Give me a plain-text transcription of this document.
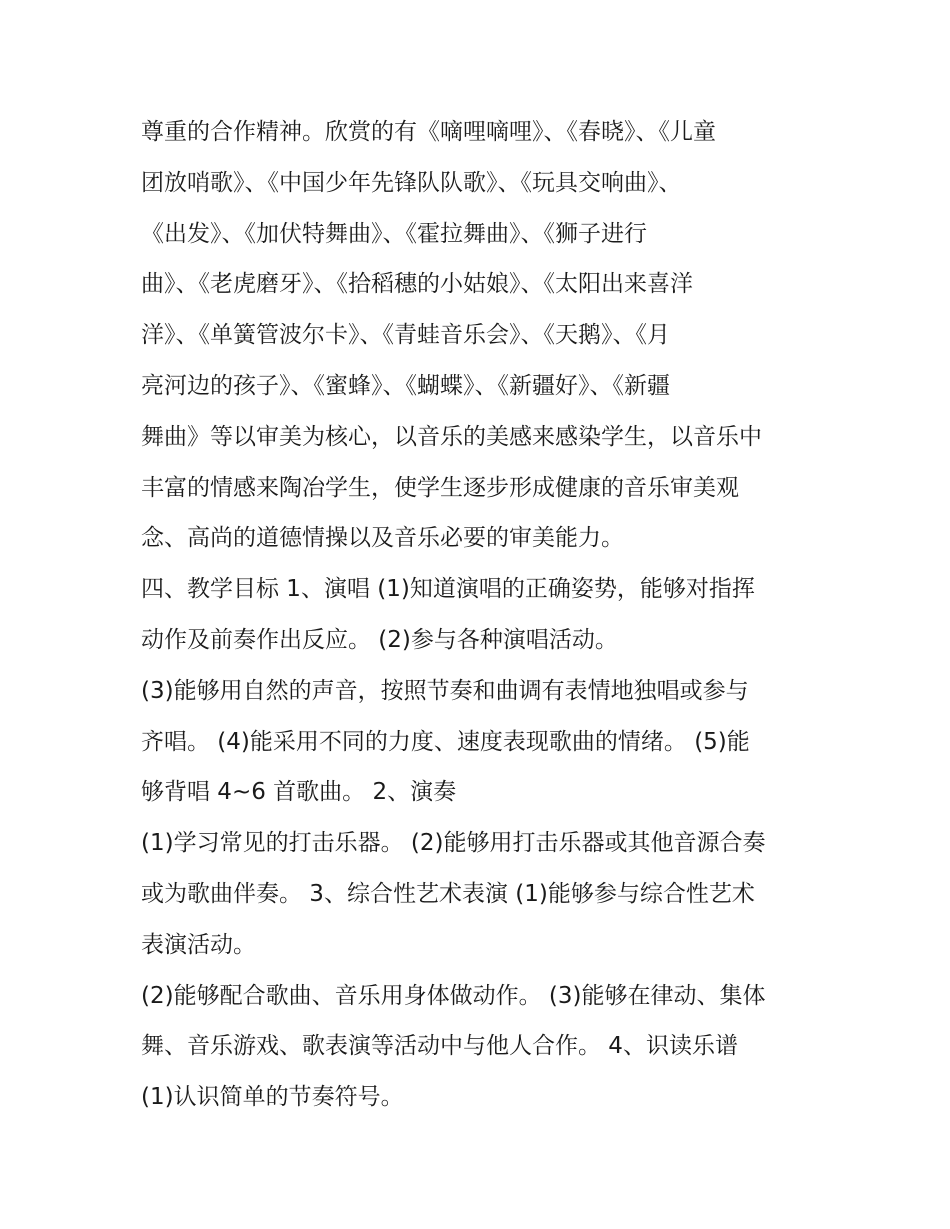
尊重的合作精神。欣赏的有《嘀哩嘀哩》、《春晓》、《儿童
团放哨歌》、《中国少年先锋队队歌》、《玩具交响曲》、
《出发》、《加伏特舞曲》、《霍拉舞曲》、《狮子进行
曲》、《老虎磨牙》、《拾稻穗的小姑娘》、《太阳出来喜洋
洋》、《单簧管波尔卡》、《青蛙音乐会》、《天鹅》、《月
亮河边的孩子》、《蜜蜂》、《蝴蝶》、《新疆好》、《新疆
舞曲》等以审美为核心，以音乐的美感来感染学生，以音乐中
丰富的情感来陶冶学生，使学生逐步形成健康的音乐审美观
念、高尚的道德情操以及音乐必要的审美能力。
四、教学目标 1、演唱 (1)知道演唱的正确姿势，能够对指挥
动作及前奏作出反应。 (2)参与各种演唱活动。
(3)能够用自然的声音，按照节奏和曲调有表情地独唱或参与
齐唱。 (4)能采用不同的力度、速度表现歌曲的情绪。 (5)能
够背唱 4~6 首歌曲。 2、演奏
(1)学习常见的打击乐器。 (2)能够用打击乐器或其他音源合奏
或为歌曲伴奏。 3、综合性艺术表演 (1)能够参与综合性艺术
表演活动。
(2)能够配合歌曲、音乐用身体做动作。 (3)能够在律动、集体
舞、音乐游戏、歌表演等活动中与他人合作。 4、识读乐谱
(1)认识简单的节奏符号。
